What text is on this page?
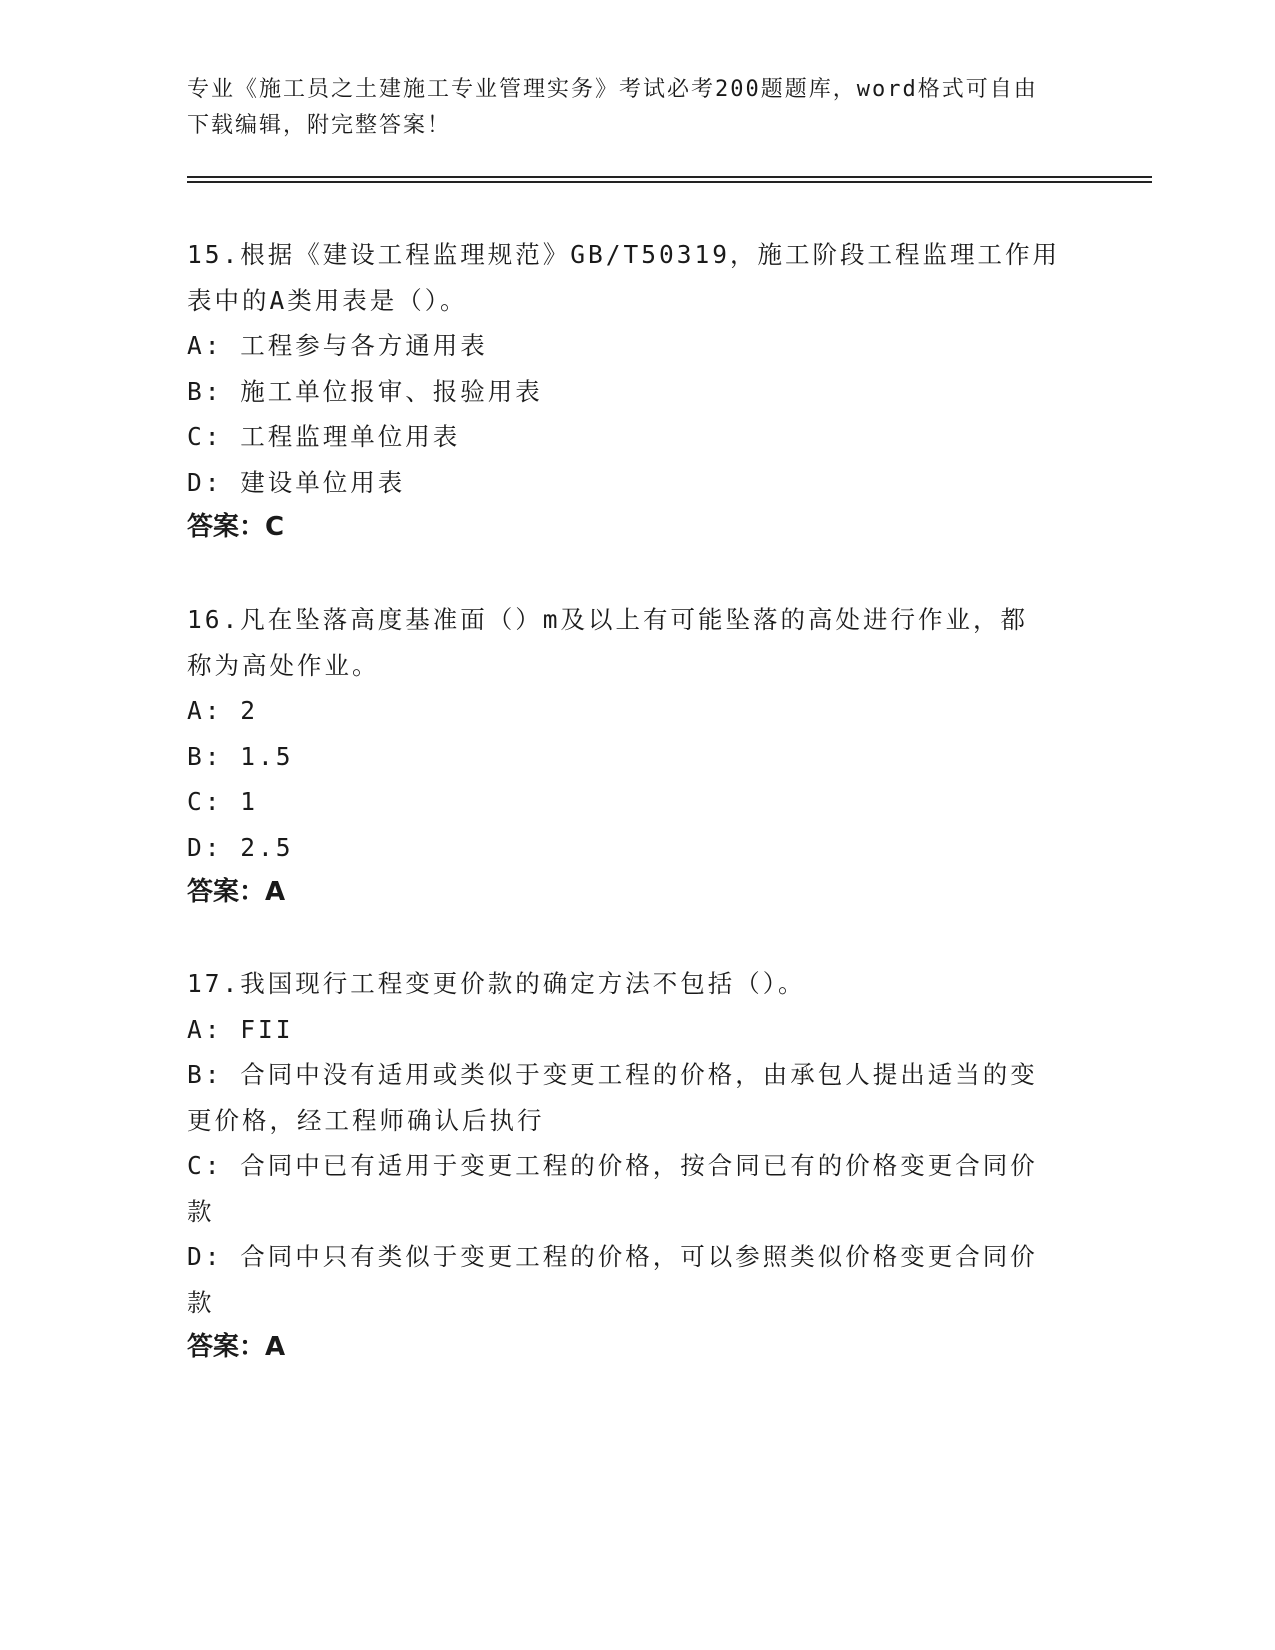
专业《施工员之土建施工专业管理实务》考试必考200题题库，word格式可自由
下载编辑，附完整答案！
15.根据《建设工程监理规范》GB/T50319，施工阶段工程监理工作用
表中的A类用表是（）。
A: 工程参与各方通用表
B: 施工单位报审、报验用表
C: 工程监理单位用表
D: 建设单位用表
答案：C
16.凡在坠落高度基准面（）m及以上有可能坠落的高处进行作业，都
称为高处作业。
A: 2
B: 1.5
C: 1
D: 2.5
答案：A
17.我国现行工程变更价款的确定方法不包括（）。
A: FII
B: 合同中没有适用或类似于变更工程的价格，由承包人提出适当的变
更价格，经工程师确认后执行
C: 合同中已有适用于变更工程的价格，按合同已有的价格变更合同价
款
D: 合同中只有类似于变更工程的价格，可以参照类似价格变更合同价
款
答案：A
